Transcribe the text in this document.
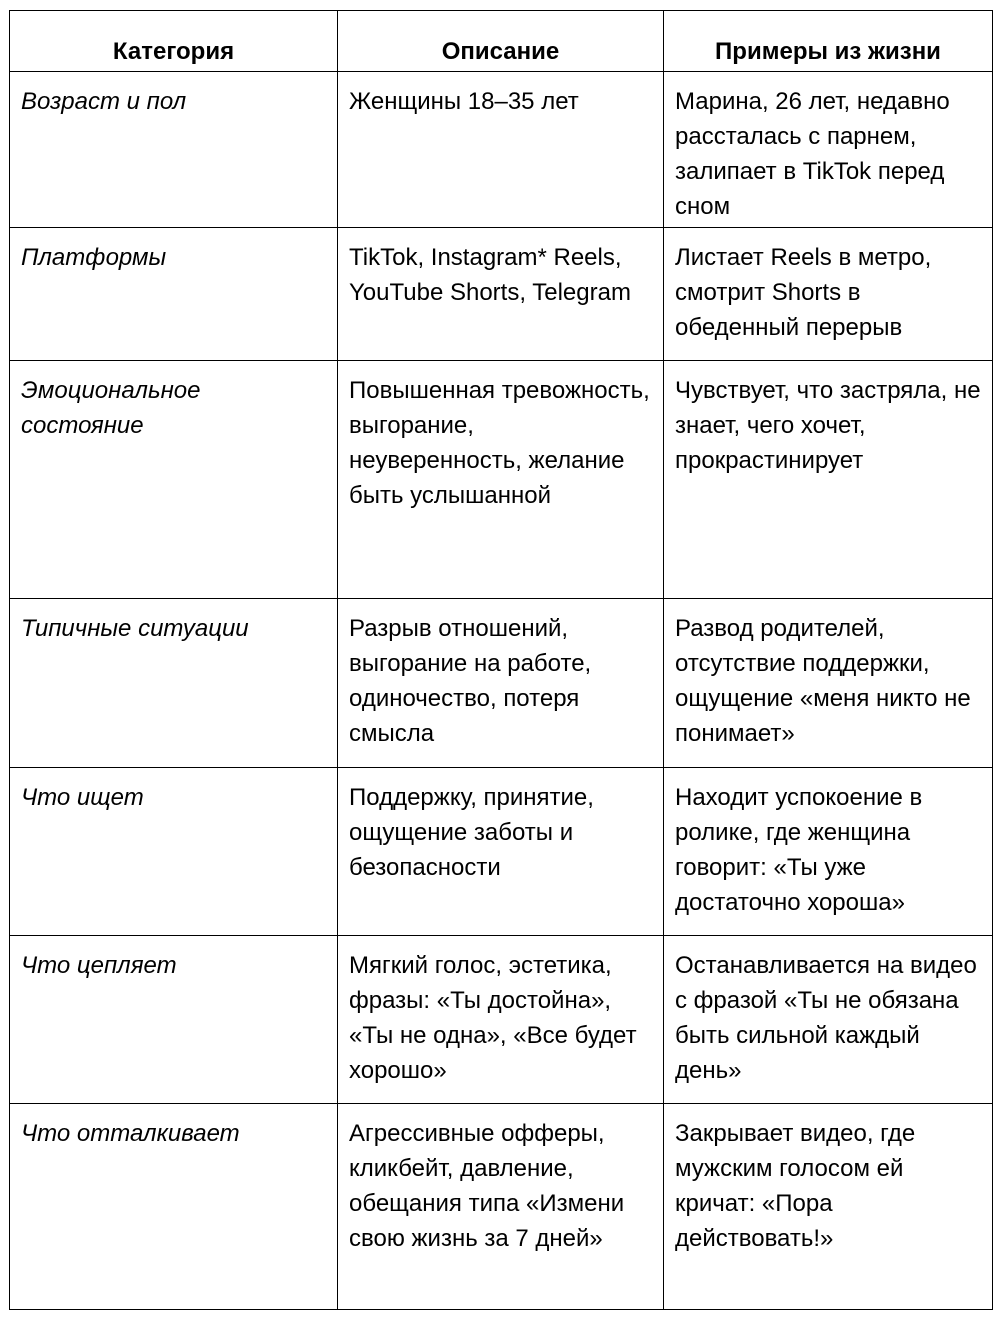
Категория	Описание	Примеры из жизни
Возраст и пол	Женщины 18–35 лет	Марина, 26 лет, недавно рассталась с парнем, залипает в TikTok перед сном
Платформы	TikTok, Instagram* Reels, YouTube Shorts, Telegram	Листает Reels в метро, смотрит Shorts в обеденный перерыв
Эмоциональное состояние	Повышенная тревожность, выгорание, неуверенность, желание быть услышанной	Чувствует, что застряла, не знает, чего хочет, прокрастинирует
Типичные ситуации	Разрыв отношений, выгорание на работе, одиночество, потеря смысла	Развод родителей, отсутствие поддержки, ощущение «меня никто не понимает»
Что ищет	Поддержку, принятие, ощущение заботы и безопасности	Находит успокоение в ролике, где женщина говорит: «Ты уже достаточно хороша»
Что цепляет	Мягкий голос, эстетика, фразы: «Ты достойна», «Ты не одна», «Все будет хорошо»	Останавливается на видео с фразой «Ты не обязана быть сильной каждый день»
Что отталкивает	Агрессивные офферы, кликбейт, давление, обещания типа «Измени свою жизнь за 7 дней»	Закрывает видео, где мужским голосом ей кричат: «Пора действовать!»
